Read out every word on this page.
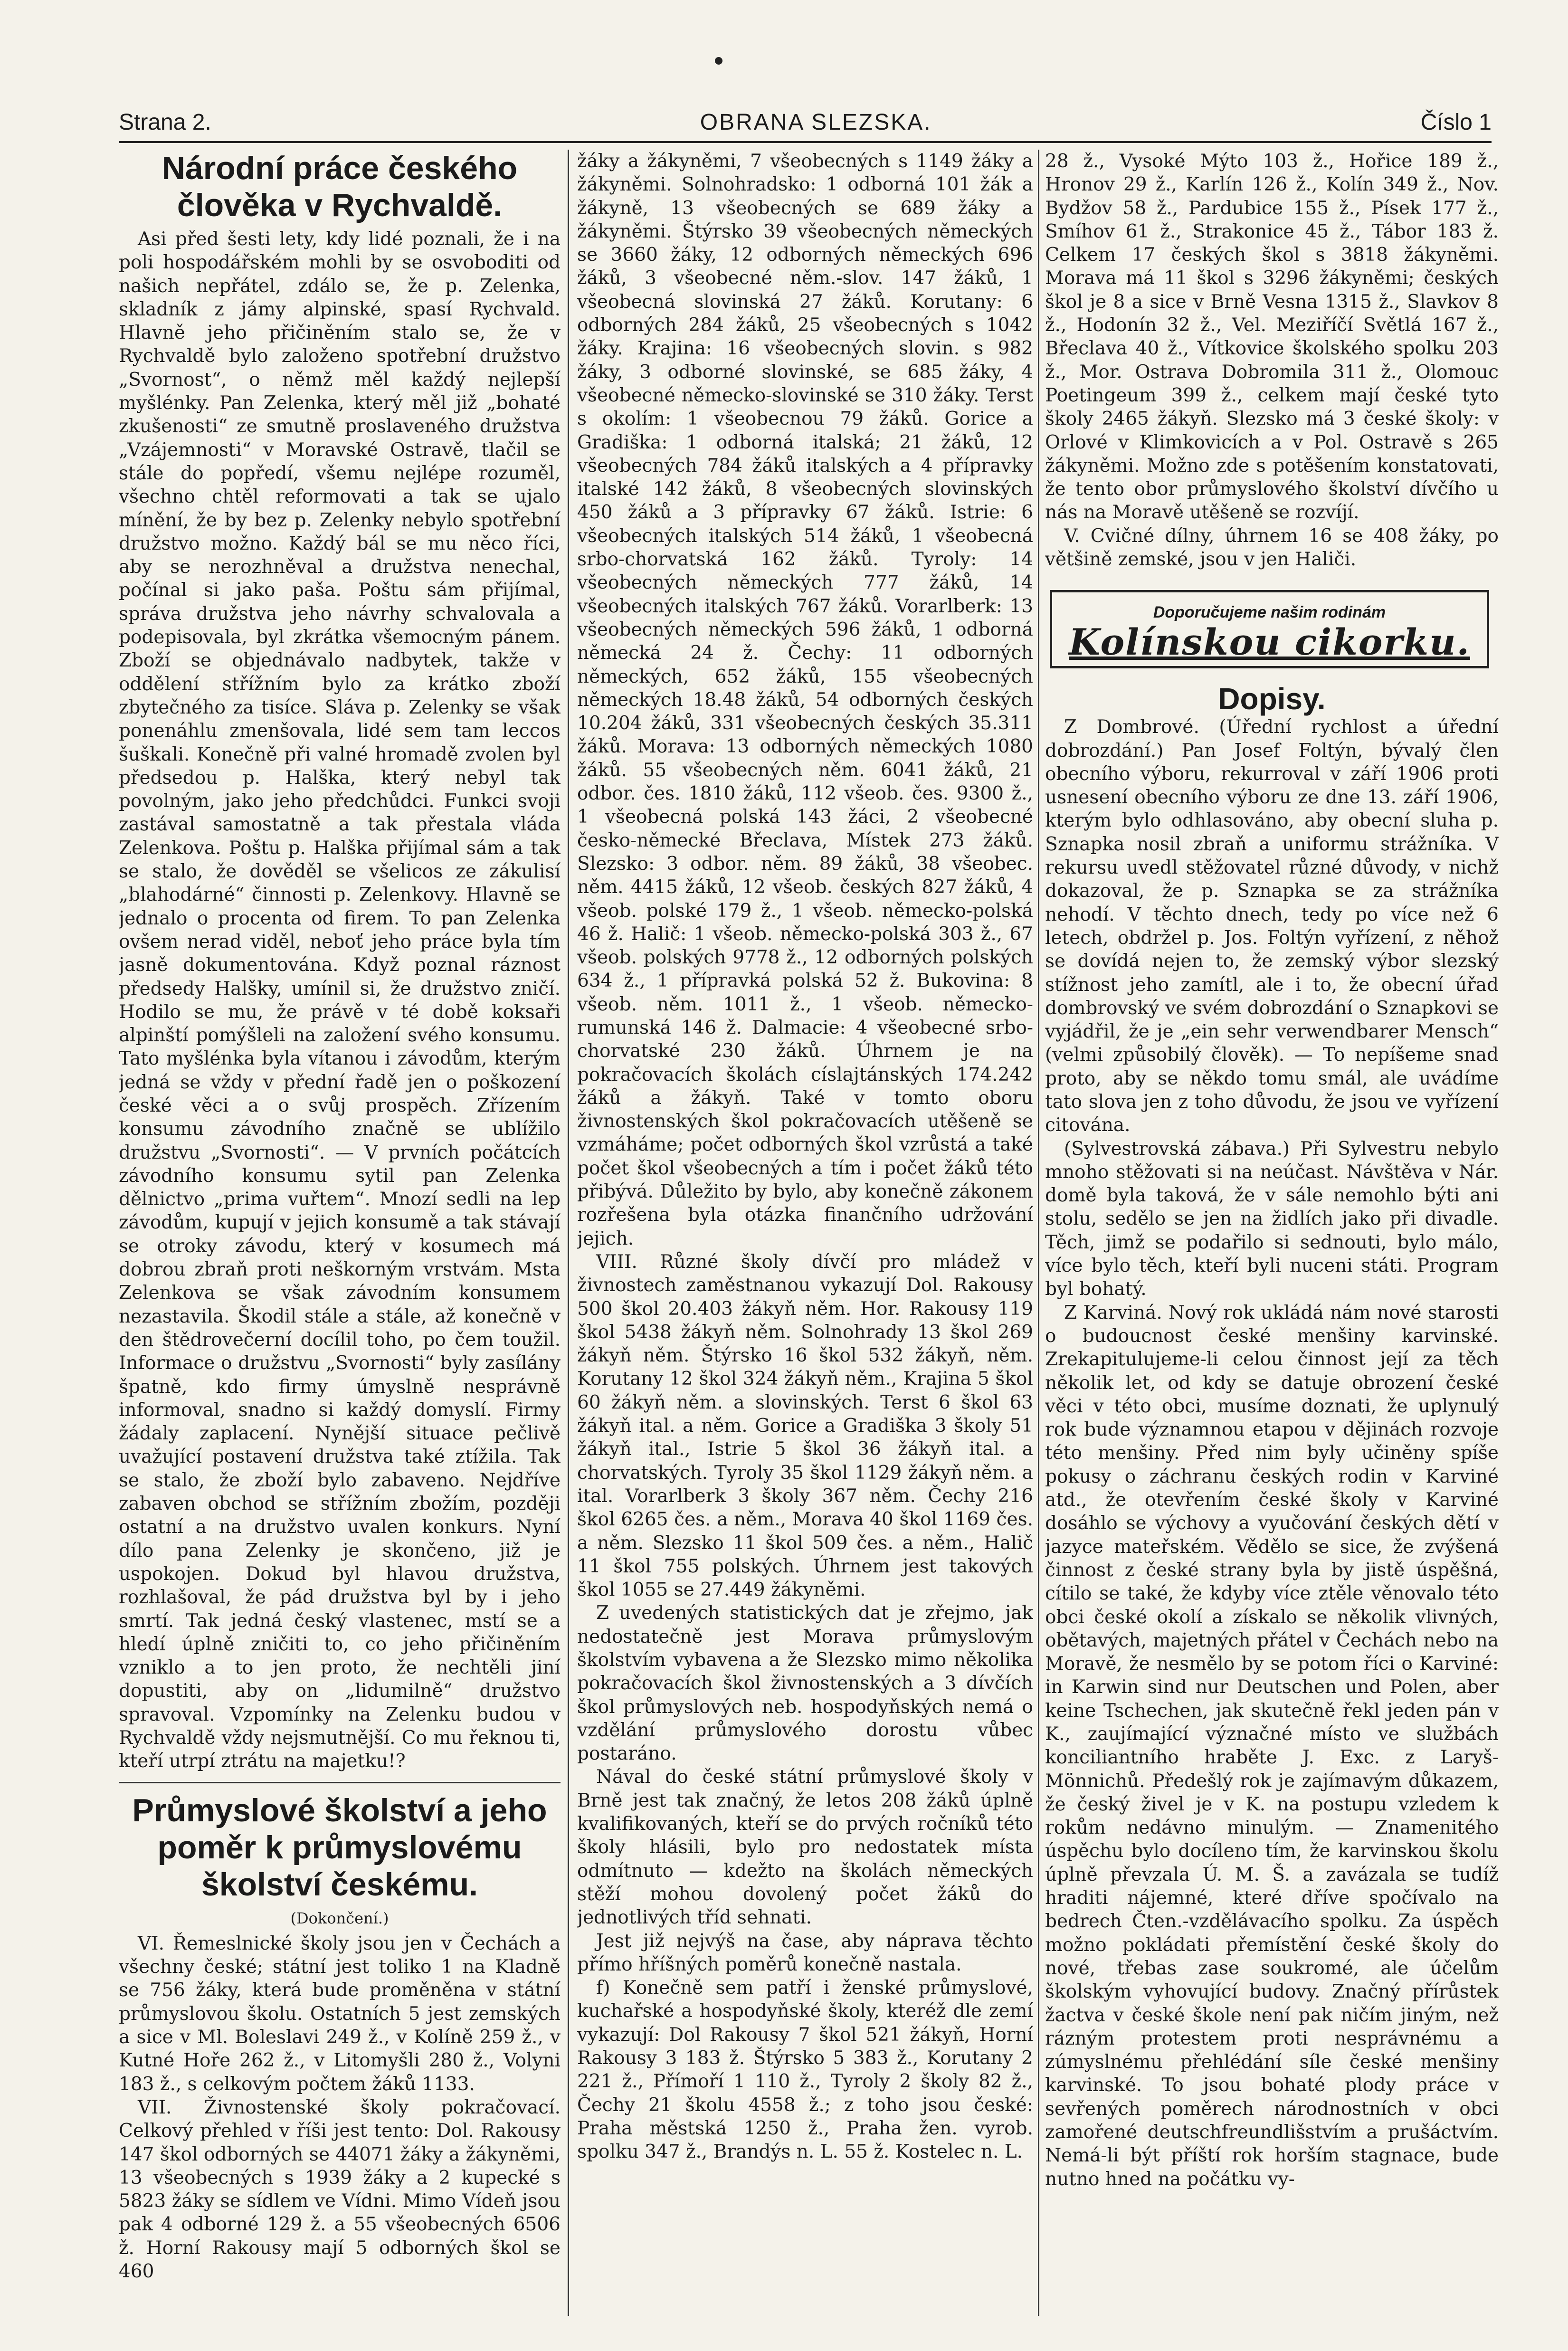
Strana 2.	OBRANA SLEZSKA.	Číslo 1
Národní práce českého člověka v Rychvaldě.

Asi před šesti lety, kdy lidé poznali, že i na poli hospodářském mohli by se osvoboditi od našich nepřátel, zdálo se, že p. Zelenka, skladník z jámy alpinské, spasí Rychvald. Hlavně jeho přičiněním stalo se, že v Rychvaldě bylo založeno spotřební družstvo „Svornost“, o němž měl každý nejlepší myšlénky. Pan Zelenka, který měl již „bohaté zkušenosti“ ze smutně proslaveného družstva „Vzájemnosti“ v Moravské Ostravě, tlačil se stále do popředí, všemu nejlépe rozuměl, všechno chtěl reformovati a tak se ujalo mínění, že by bez p. Zelenky nebylo spotřební družstvo možno. Každý bál se mu něco říci, aby se nerozhněval a družstva nenechal, počínal si jako paša. Poštu sám přijímal, správa družstva jeho návrhy schvalovala a podepisovala, byl zkrátka všemocným pánem. Zboží se objednávalo nadbytek, takže v oddělení střížním bylo za krátko zboží zbytečného za tisíce. Sláva p. Zelenky se však ponenáhlu zmenšovala, lidé sem tam leccos šuškali. Konečně při valné hromadě zvolen byl předsedou p. Halška, který nebyl tak povolným, jako jeho předchůdci. Funkci svoji zastával samostatně a tak přestala vláda Zelenkova. Poštu p. Halška přijímal sám a tak se stalo, že dověděl se všelicos ze zákulisí „blahodárné“ činnosti p. Zelenkovy. Hlavně se jednalo o procenta od firem. To pan Zelenka ovšem nerad viděl, neboť jeho práce byla tím jasně dokumentována. Když poznal ráznost předsedy Halšky, umínil si, že družstvo zničí. Hodilo se mu, že právě v té době koksaři alpinští pomýšleli na založení svého konsumu. Tato myšlénka byla vítanou i závodům, kterým jedná se vždy v přední řadě jen o poškození české věci a o svůj prospěch. Zřízením konsumu závodního značně se ublížilo družstvu „Svornosti“. — V prvních počátcích závodního konsumu sytil pan Zelenka dělnictvo „prima vuřtem“. Mnozí sedli na lep závodům, kupují v jejich konsumě a tak stávají se otroky závodu, který v kosumech má dobrou zbraň proti neškorným vrstvám. Msta Zelenkova se však závodním konsumem nezastavila. Škodil stále a stále, až konečně v den štědrovečerní docílil toho, po čem toužil. Informace o družstvu „Svornosti“ byly zasílány špatně, kdo firmy úmyslně nesprávně informoval, snadno si každý domyslí. Firmy žádaly zaplacení. Nynější situace pečlivě uvažující postavení družstva také ztížila. Tak se stalo, že zboží bylo zabaveno. Nejdříve zabaven obchod se střížním zbožím, později ostatní a na družstvo uvalen konkurs. Nyní dílo pana Zelenky je skončeno, již je uspokojen. Dokud byl hlavou družstva, rozhlašoval, že pád družstva byl by i jeho smrtí. Tak jedná český vlastenec, mstí se a hledí úplně zničiti to, co jeho přičiněním vzniklo a to jen proto, že nechtěli jiní dopustiti, aby on „lidumilně“ družstvo spravoval. Vzpomínky na Zelenku budou v Rychvaldě vždy nejsmutnější. Co mu řeknou ti, kteří utrpí ztrátu na majetku!?

Průmyslové školství a jeho poměr k průmyslovému školství českému.
(Dokončení.)

VI. Řemeslnické školy jsou jen v Čechách a všechny české; státní jest toliko 1 na Kladně se 756 žáky, která bude proměněna v státní průmyslovou školu. Ostatních 5 jest zemských a sice v Ml. Boleslavi 249 ž., v Kolíně 259 ž., v Kutné Hoře 262 ž., v Litomyšli 280 ž., Volyni 183 ž., s celkovým počtem žáků 1133.

VII. Živnostenské školy pokračovací. Celkový přehled v říši jest tento: Dol. Rakousy 147 škol odborných se 44071 žáky a žákyněmi, 13 všeobecných s 1939 žáky a 2 kupecké s 5823 žáky se sídlem ve Vídni. Mimo Vídeň jsou pak 4 odborné 129 ž. a 55 všeobecných 6506 ž. Horní Rakousy mají 5 odborných škol se 460

žáky a žákyněmi, 7 všeobecných s 1149 žáky a žákyněmi. Solnohradsko: 1 odborná 101 žák a žákyně, 13 všeobecných se 689 žáky a žákyněmi. Štýrsko 39 všeobecných německých se 3660 žáky, 12 odborných německých 696 žáků, 3 všeobecné něm.-slov. 147 žáků, 1 všeobecná slovinská 27 žáků. Korutany: 6 odborných 284 žáků, 25 všeobecných s 1042 žáky. Krajina: 16 všeobecných slovin. s 982 žáky, 3 odborné slovinské, se 685 žáky, 4 všeobecné německo-slovinské se 310 žáky. Terst s okolím: 1 všeobecnou 79 žáků. Gorice a Gradiška: 1 odborná italská; 21 žáků, 12 všeobecných 784 žáků italských a 4 přípravky italské 142 žáků, 8 všeobecných slovinských 450 žáků a 3 přípravky 67 žáků. Istrie: 6 všeobecných italských 514 žáků, 1 všeobecná srbo-chorvatská 162 žáků. Tyroly: 14 všeobecných německých 777 žáků, 14 všeobecných italských 767 žáků. Vorarlberk: 13 všeobecných německých 596 žáků, 1 odborná německá 24 ž. Čechy: 11 odborných německých, 652 žáků, 155 všeobecných německých 18.48 žáků, 54 odborných českých 10.204 žáků, 331 všeobecných českých 35.311 žáků. Morava: 13 odborných německých 1080 žáků. 55 všeobecných něm. 6041 žáků, 21 odbor. čes. 1810 žáků, 112 všeob. čes. 9300 ž., 1 všeobecná polská 143 žáci, 2 všeobecné česko-německé Břeclava, Místek 273 žáků. Slezsko: 3 odbor. něm. 89 žáků, 38 všeobec. něm. 4415 žáků, 12 všeob. českých 827 žáků, 4 všeob. polské 179 ž., 1 všeob. německo-polská 46 ž. Halič: 1 všeob. německo-polská 303 ž., 67 všeob. polských 9778 ž., 12 odborných polských 634 ž., 1 přípravká polská 52 ž. Bukovina: 8 všeob. něm. 1011 ž., 1 všeob. německo-rumunská 146 ž. Dalmacie: 4 všeobecné srbo-chorvatské 230 žáků. Úhrnem je na pokračovacích školách císlajtánských 174.242 žáků a žákyň. Také v tomto oboru živnostenských škol pokračovacích utěšeně se vzmáháme; počet odborných škol vzrůstá a také počet škol všeobecných a tím i počet žáků této přibývá. Důležito by bylo, aby konečně zákonem rozřešena byla otázka finančního udržování jejich.

VIII. Různé školy dívčí pro mládež v živnostech zaměstnanou vykazují Dol. Rakousy 500 škol 20.403 žákyň něm. Hor. Rakousy 119 škol 5438 žákyň něm. Solnohrady 13 škol 269 žákyň něm. Štýrsko 16 škol 532 žákyň, něm. Korutany 12 škol 324 žákyň něm., Krajina 5 škol 60 žákyň něm. a slovinských. Terst 6 škol 63 žákyň ital. a něm. Gorice a Gradiška 3 školy 51 žákyň ital., Istrie 5 škol 36 žákyň ital. a chorvatských. Tyroly 35 škol 1129 žákyň něm. a ital. Vorarlberk 3 školy 367 něm. Čechy 216 škol 6265 čes. a něm., Morava 40 škol 1169 čes. a něm. Slezsko 11 škol 509 čes. a něm., Halič 11 škol 755 polských. Úhrnem jest takových škol 1055 se 27.449 žákyněmi.

Z uvedených statistických dat je zřejmo, jak nedostatečně jest Morava průmyslovým školstvím vybavena a že Slezsko mimo několika pokračovacích škol živnostenských a 3 dívčích škol průmyslových neb. hospodyňských nemá o vzdělání průmyslového dorostu vůbec postaráno.

Nával do české státní průmyslové školy v Brně jest tak značný, že letos 208 žáků úplně kvalifikovaných, kteří se do prvých ročníků této školy hlásili, bylo pro nedostatek místa odmítnuto — kdežto na školách německých stěží mohou dovolený počet žáků do jednotlivých tříd sehnati.

Jest již nejvýš na čase, aby náprava těchto přímo hříšných poměrů konečně nastala.

f) Konečně sem patří i ženské průmyslové, kuchařské a hospodyňské školy, kteréž dle zemí vykazují: Dol Rakousy 7 škol 521 žákyň, Horní Rakousy 3 183 ž. Štýrsko 5 383 ž., Korutany 2 221 ž., Přímoří 1 110 ž., Tyroly 2 školy 82 ž., Čechy 21 školu 4558 ž.; z toho jsou české: Praha městská 1250 ž., Praha žen. vyrob. spolku 347 ž., Brandýs n. L. 55 ž. Kostelec n. L.

28 ž., Vysoké Mýto 103 ž., Hořice 189 ž., Hronov 29 ž., Karlín 126 ž., Kolín 349 ž., Nov. Bydžov 58 ž., Pardubice 155 ž., Písek 177 ž., Smíhov 61 ž., Strakonice 45 ž., Tábor 183 ž. Celkem 17 českých škol s 3818 žákyněmi. Morava má 11 škol s 3296 žákyněmi; českých škol je 8 a sice v Brně Vesna 1315 ž., Slavkov 8 ž., Hodonín 32 ž., Vel. Meziříčí Světlá 167 ž., Břeclava 40 ž., Vítkovice školského spolku 203 ž., Mor. Ostrava Dobromila 311 ž., Olomouc Poetingeum 399 ž., celkem mají české tyto školy 2465 žákyň. Slezsko má 3 české školy: v Orlové v Klimkovicích a v Pol. Ostravě s 265 žákyněmi. Možno zde s potěšením konstatovati, že tento obor průmyslového školství dívčího u nás na Moravě utěšeně se rozvíjí.

V. Cvičné dílny, úhrnem 16 se 408 žáky, po většině zemské, jsou v jen Haliči.

Doporučujeme našim rodinám
Kolínskou cikorku.
Dopisy.

Z Dombrové. (Úřední rychlost a úřední dobrozdání.) Pan Josef Foltýn, bývalý člen obecního výboru, rekurroval v září 1906 proti usnesení obecního výboru ze dne 13. září 1906, kterým bylo odhlasováno, aby obecní sluha p. Sznapka nosil zbraň a uniformu strážníka. V rekursu uvedl stěžovatel různé důvody, v nichž dokazoval, že p. Sznapka se za strážníka nehodí. V těchto dnech, tedy po více než 6 letech, obdržel p. Jos. Foltýn vyřízení, z něhož se dovídá nejen to, že zemský výbor slezský stížnost jeho zamítl, ale i to, že obecní úřad dombrovský ve svém dobrozdání o Sznapkovi se vyjádřil, že je „ein sehr verwendbarer Mensch“ (velmi způsobilý člověk). — To nepíšeme snad proto, aby se někdo tomu smál, ale uvádíme tato slova jen z toho důvodu, že jsou ve vyřízení citována.

(Sylvestrovská zábava.) Při Sylvestru nebylo mnoho stěžovati si na neúčast. Návštěva v Nár. domě byla taková, že v sále nemohlo býti ani stolu, sedělo se jen na židlích jako při divadle. Těch, jimž se podařilo si sednouti, bylo málo, více bylo těch, kteří byli nuceni státi. Program byl bohatý.

Z Karviná. Nový rok ukládá nám nové starosti o budoucnost české menšiny karvinské. Zrekapitulujeme-li celou činnost její za těch několik let, od kdy se datuje obrození české věci v této obci, musíme doznati, že uplynulý rok bude významnou etapou v dějinách rozvoje této menšiny. Před nim byly učiněny spíše pokusy o záchranu českých rodin v Karviné atd., že otevřením české školy v Karviné dosáhlo se výchovy a vyučování českých dětí v jazyce mateřském. Vědělo se sice, že zvýšená činnost z české strany byla by jistě úspěšná, cítilo se také, že kdyby více ztěle věnovalo této obci české okolí a získalo se několik vlivných, obětavých, majetných přátel v Čechách nebo na Moravě, že nesmělo by se potom říci o Karviné: in Karwin sind nur Deutschen und Polen, aber keine Tschechen, jak skutečně řekl jeden pán v K., zaujímající význačné místo ve službách konciliantního hraběte J. Exc. z Laryš-Mönnichů. Předešlý rok je zajímavým důkazem, že český živel je v K. na postupu vzledem k rokům nedávno minulým. — Znamenitého úspěchu bylo docíleno tím, že karvinskou školu úplně převzala Ú. M. Š. a zavázala se tudíž hraditi nájemné, které dříve spočívalo na bedrech Čten.-vzdělávacího spolku. Za úspěch možno pokládati přemístění české školy do nové, třebas zase soukromé, ale účelům školským vyhovující budovy. Značný přírůstek žactva v české škole není pak ničím jiným, než rázným protestem proti nesprávnému a zúmyslnému přehlédání síle české menšiny karvinské. To jsou bohaté plody práce v sevřených poměrech národnostních v obci zamořené deutschfreundlišstvím a prušáctvím. Nemá-li být příští rok horším stagnace, bude nutno hned na počátku vy-
